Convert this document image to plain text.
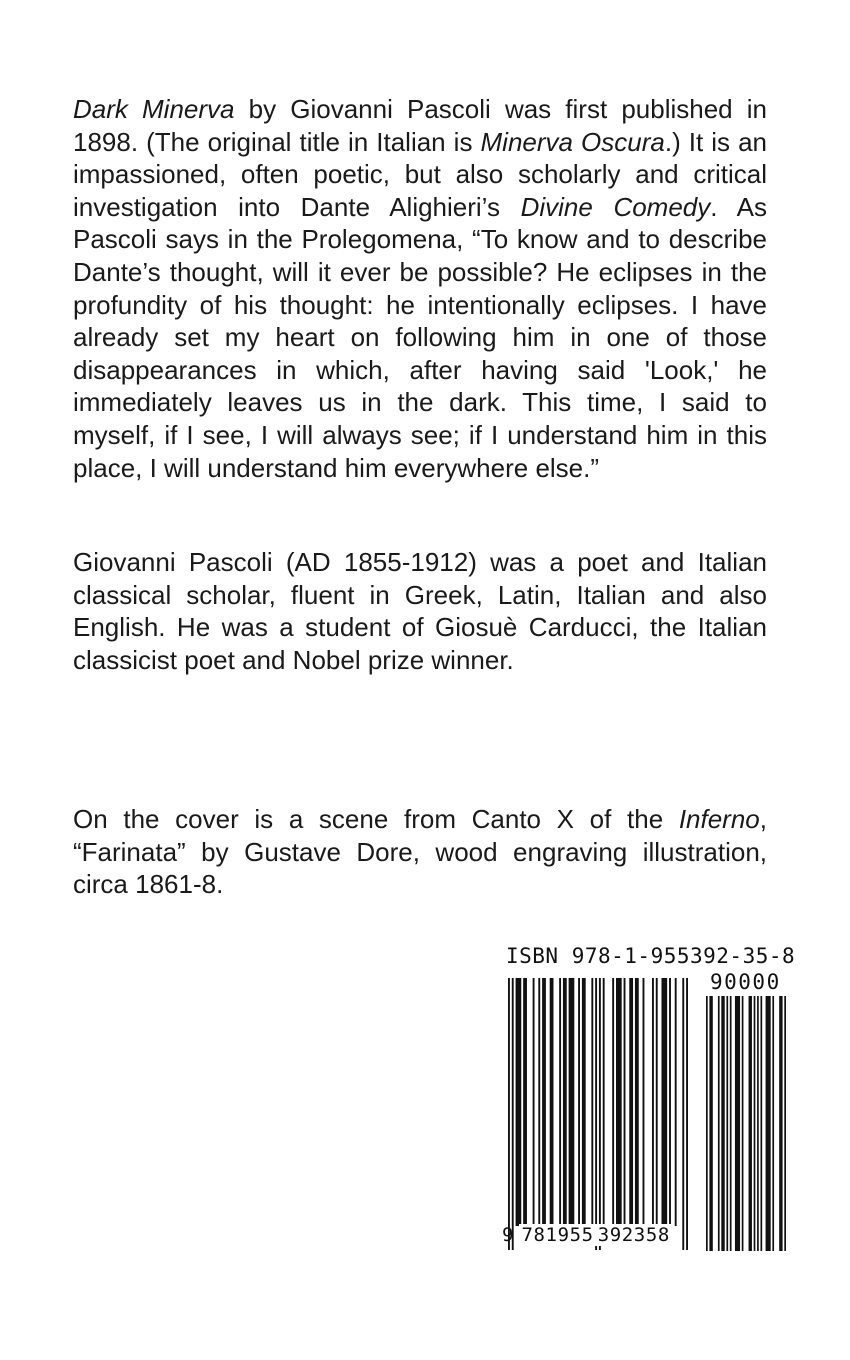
Dark Minerva by Giovanni Pascoli was first published in 1898. (The original title in Italian is Minerva Oscura.) It is an impassioned, often poetic, but also scholarly and critical investigation into Dante Alighieri’s Divine Comedy. As Pascoli says in the Prolegomena, “To know and to describe Dante’s thought, will it ever be possible? He eclipses in the profundity of his thought: he intentionally eclipses. I have already set my heart on following him in one of those disappearances in which, after having said 'Look,' he immediately leaves us in the dark. This time, I said to myself, if I see, I will always see; if I understand him in this place, I will understand him everywhere else.”

Giovanni Pascoli (AD 1855-1912) was a poet and Italian classical scholar, fluent in Greek, Latin, Italian and also English. He was a student of Giosuè Carducci, the Italian classicist poet and Nobel prize winner.

On the cover is a scene from Canto X of the Inferno, “Farinata” by Gustave Dore, wood engraving illustration, circa 1861-8.

ISBN 978-1-955392-35-8
90000
9 781955 392358
